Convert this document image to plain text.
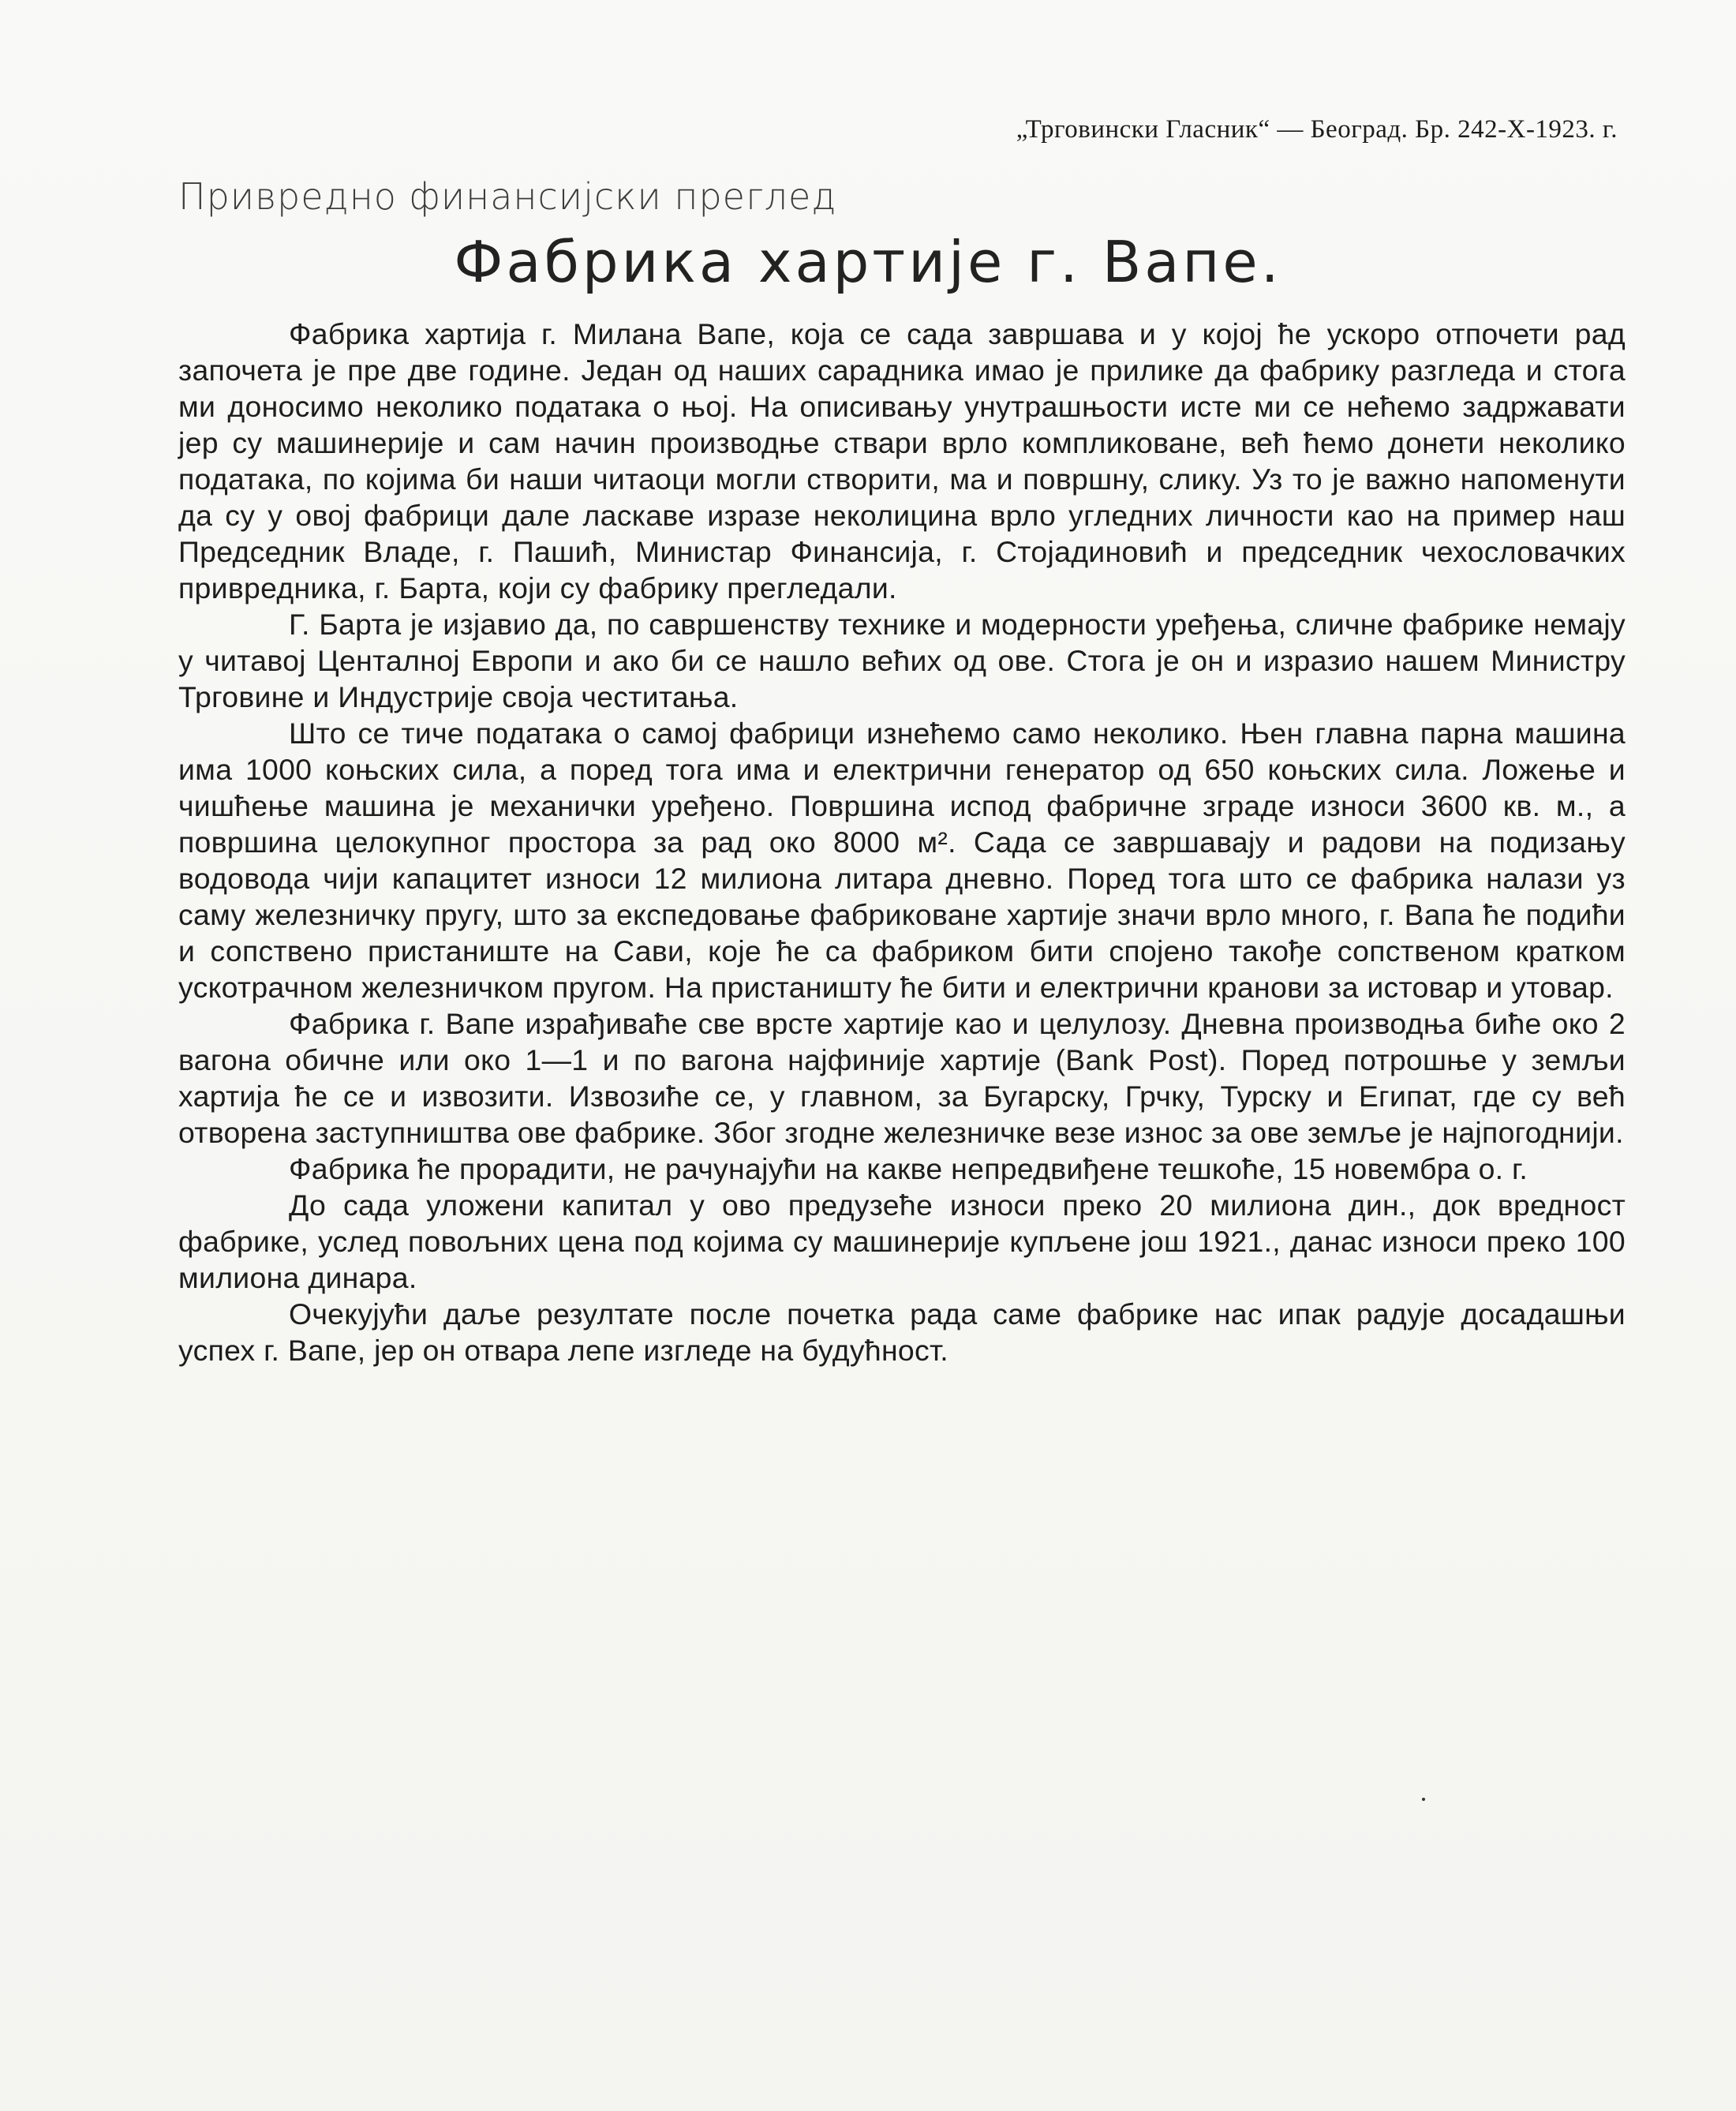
„Трговински Гласник“ — Београд. Бр. 242-X-1923. г.
Привредно финансијски преглед
Фабрика хартије г. Вапе.

Фабрика хартија г. Милана Вапе, која се сада завршава и у којој ће ускоро отпочети рад започета је пре две године. Један од наших сарадника имао је прилике да фабрику разгледа и стога ми доносимо неколико података о њој. На описивању унутрашњости исте ми се нећемо задржавати јер су машинерије и сам начин производње ствари врло компликоване, већ ћемо донети неколико података, по којима би наши читаоци могли створити, ма и површну, слику. Уз то је важно напоменути да су у овој фабрици дале ласкаве изразе неколицина врло угледних личности као на пример наш Председник Владе, г. Пашић, Министар Финансија, г. Стојадиновић и председник чехословачких привредника, г. Барта, који су фабрику прегледали.

Г. Барта је изјавио да, по савршенству технике и модерности уређења, сличне фабрике немају у читавој Центалној Европи и ако би се нашло већих од ове. Стога је он и изразио нашем Министру Трговине и Индустрије своја честитања.

Што се тиче података о самој фабрици изнећемо само неколико. Њен главна парна машина има 1000 коњских сила, а поред тога има и електрични генератор од 650 коњских сила. Ложење и чишћење машина је механички уређено. Површина испод фабричне зграде износи 3600 кв. м., а површина целокупног простора за рад око 8000 м². Сада се завршавају и радови на подизању водовода чији капацитет износи 12 милиона литара дневно. Поред тога што се фабрика налази уз саму железничку пругу, што за експедовање фабриковане хартије значи врло много, г. Вапа ће подићи и сопствено пристаниште на Сави, које ће са фабриком бити спојено такође сопственом кратком ускотрачном железничком пругом. На пристаништу ће бити и електрични кранови за истовар и утовар.

Фабрика г. Вапе израђиваће све врсте хартије као и целулозу. Дневна производња биће око 2 вагона обичне или око 1—1 и по вагона најфиније хартије (Bank Post). Поред потрошње у земљи хартија ће се и извозити. Извозиће се, у главном, за Бугарску, Грчку, Турску и Египат, где су већ отворена заступништва ове фабрике. Због згодне железничке везе износ за ове земље је најпогоднији.

Фабрика ће прорадити, не рачунајући на какве непредвиђене тешкоће, 15 новембра о. г.

До сада уложени капитал у ово предузеће износи преко 20 милиона дин., док вредност фабрике, услед повољних цена под којима су машинерије купљене још 1921., данас износи преко 100 милиона динара.

Очекујући даље резултате после почетка рада саме фабрике нас ипак радује досадашњи успех г. Вапе, јер он отвара лепе изгледе на будућност.
